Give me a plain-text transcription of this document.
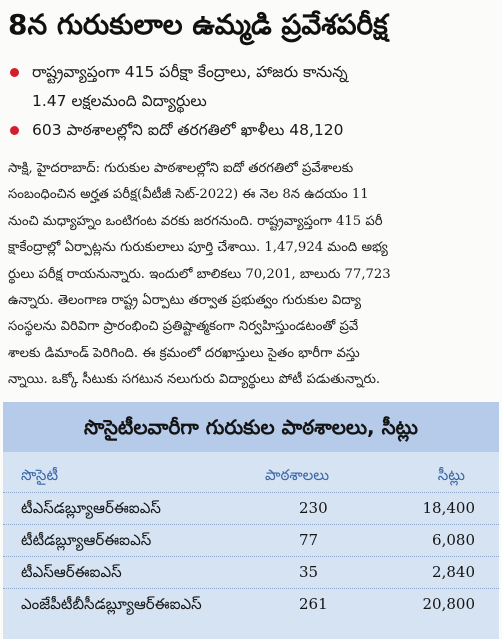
8న గురుకులాల ఉమ్మడి ప్రవేశపరీక్ష
రాష్ట్రవ్యాప్తంగా 415 పరీక్షా కేంద్రాలు, హాజరు కానున్న
1.47 లక్షలమంది విద్యార్థులు
603 పాఠశాలల్లోని ఐదో తరగతిలో ఖాళీలు 48,120
సాక్షి, హైదరాబాద్: గురుకుల పాఠశాలల్లోని ఐదో తరగతిలో ప్రవేశాలకు
సంబంధించిన అర్హత పరీక్ష(వీటీజీ సెట్‌-2022) ఈ నెల 8న ఉదయం 11
నుంచి మధ్యాహ్నం ఒంటిగంట వరకు జరగనుంది. రాష్ట్రవ్యాప్తంగా 415 పరీ
క్షాకేంద్రాల్లో ఏర్పాట్లను గురుకులాలు పూర్తి చేశాయి. 1,47,924 మంది అభ్య
ర్థులు పరీక్ష రాయనున్నారు. ఇందులో బాలికలు 70,201, బాలురు 77,723
ఉన్నారు. తెలంగాణ రాష్ట్ర ఏర్పాటు తర్వాత ప్రభుత్వం గురుకుల విద్యా
సంస్థలను విరివిగా ప్రారంభించి ప్రతిష్టాత్మకంగా నిర్వహిస్తుండటంతో ప్రవే
శాలకు డిమాండ్‌ పెరిగింది. ఈ క్రమంలో దరఖాస్తులు సైతం భారీగా వస్తు
న్నాయి. ఒక్కో సీటుకు సగటున నలుగురు విద్యార్థులు పోటీ పడుతున్నారు.
సొసైటీలవారీగా గురుకుల పాఠశాలలు, సీట్లు
సొసైటీ	పాఠశాలలు	సీట్లు
టీఎస్‌డబ్ల్యూఆర్‌ఈఐఎస్‌	230	18,400
టీటీడబ్ల్యూఆర్‌ఈఐఎస్‌	77	6,080
టీఎస్‌ఆర్‌ఈఐఎస్‌	35	2,840
ఎంజేపీటీబీసీడబ్ల్యూఆర్‌ఈఐఎస్‌	261	20,800
